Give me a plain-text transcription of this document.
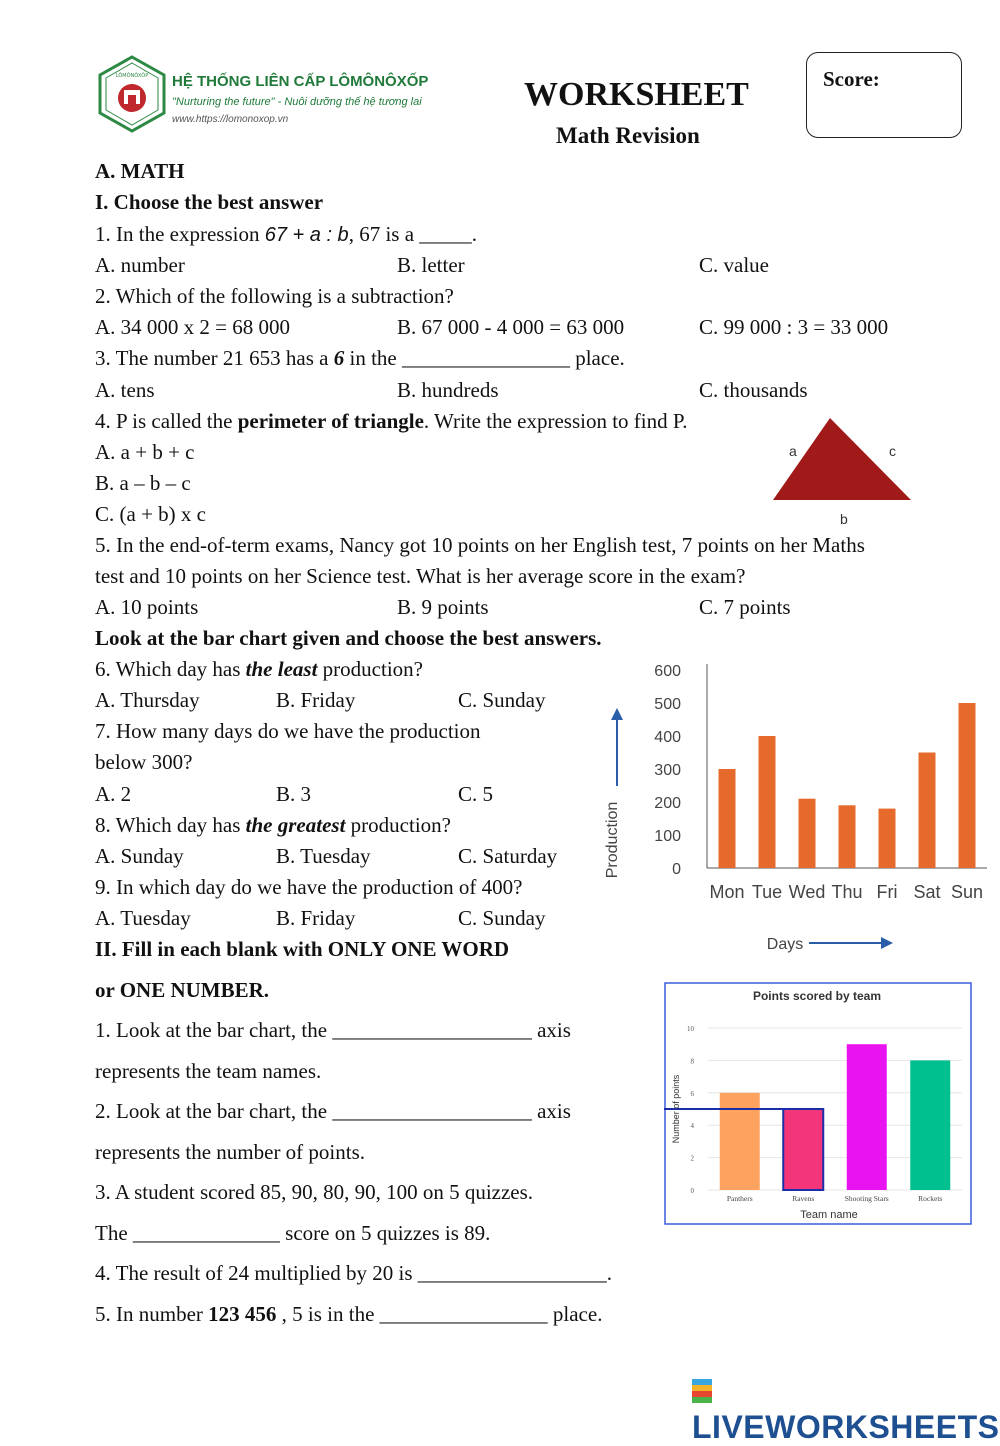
LÔMÔNÔXỐP HỆ THỐNG LIÊN CẤP LÔMÔNÔXỐP
"Nurturing the future" - Nuôi dưỡng thế hệ tương lai
www.https://lomonoxop.vn
WORKSHEET
Math Revision
Score:
A. MATH
I. Choose the best answer
1. In the expression 67 + a : b, 67 is a _____.
A. number	B. letter	C. value
2. Which of the following is a subtraction?
A. 34 000 x 2 = 68 000	B. 67 000 - 4 000 = 63 000	C. 99 000 : 3 = 33 000
3. The number 21 653 has a 6 in the ________________ place.
A. tens	B. hundreds	C. thousands
4. P is called the perimeter of triangle. Write the expression to find P.
A. a + b + c
B. a – b – c
C. (a + b) x c
a	c
b
5. In the end-of-term exams, Nancy got 10 points on her English test, 7 points on her Maths
test and 10 points on her Science test. What is her average score in the exam?
A. 10 points	B. 9 points	C. 7 points
Look at the bar chart given and choose the best answers.
6. Which day has the least production?
A. Thursday	B. Friday	C. Sunday
7. How many days do we have the production
below 300?
A. 2	B. 3	C. 5
8. Which day has the greatest production?
A. Sunday	B. Tuesday	C. Saturday
9. In which day do we have the production of 400?
A. Tuesday	B. Friday	C. Sunday
0
100
200
300
400
500
600
Mon Tue Wed Thu Fri Sat Sun
Production
Days
II. Fill in each blank with ONLY ONE WORD
or ONE NUMBER.
1. Look at the bar chart, the ___________________ axis
represents the team names.
2. Look at the bar chart, the ___________________ axis
represents the number of points.
3. A student scored 85, 90, 80, 90, 100 on 5 quizzes.
The ______________ score on 5 quizzes is 89.
4. The result of 24 multiplied by 20 is __________________.
5. In number 123 456 , 5 is in the ________________ place.
Points scored by team
0
2
4
6
8
10
Panthers	Ravens	Shooting Stars	Rockets
Number of points
Team name
LIVEWORKSHEETS
